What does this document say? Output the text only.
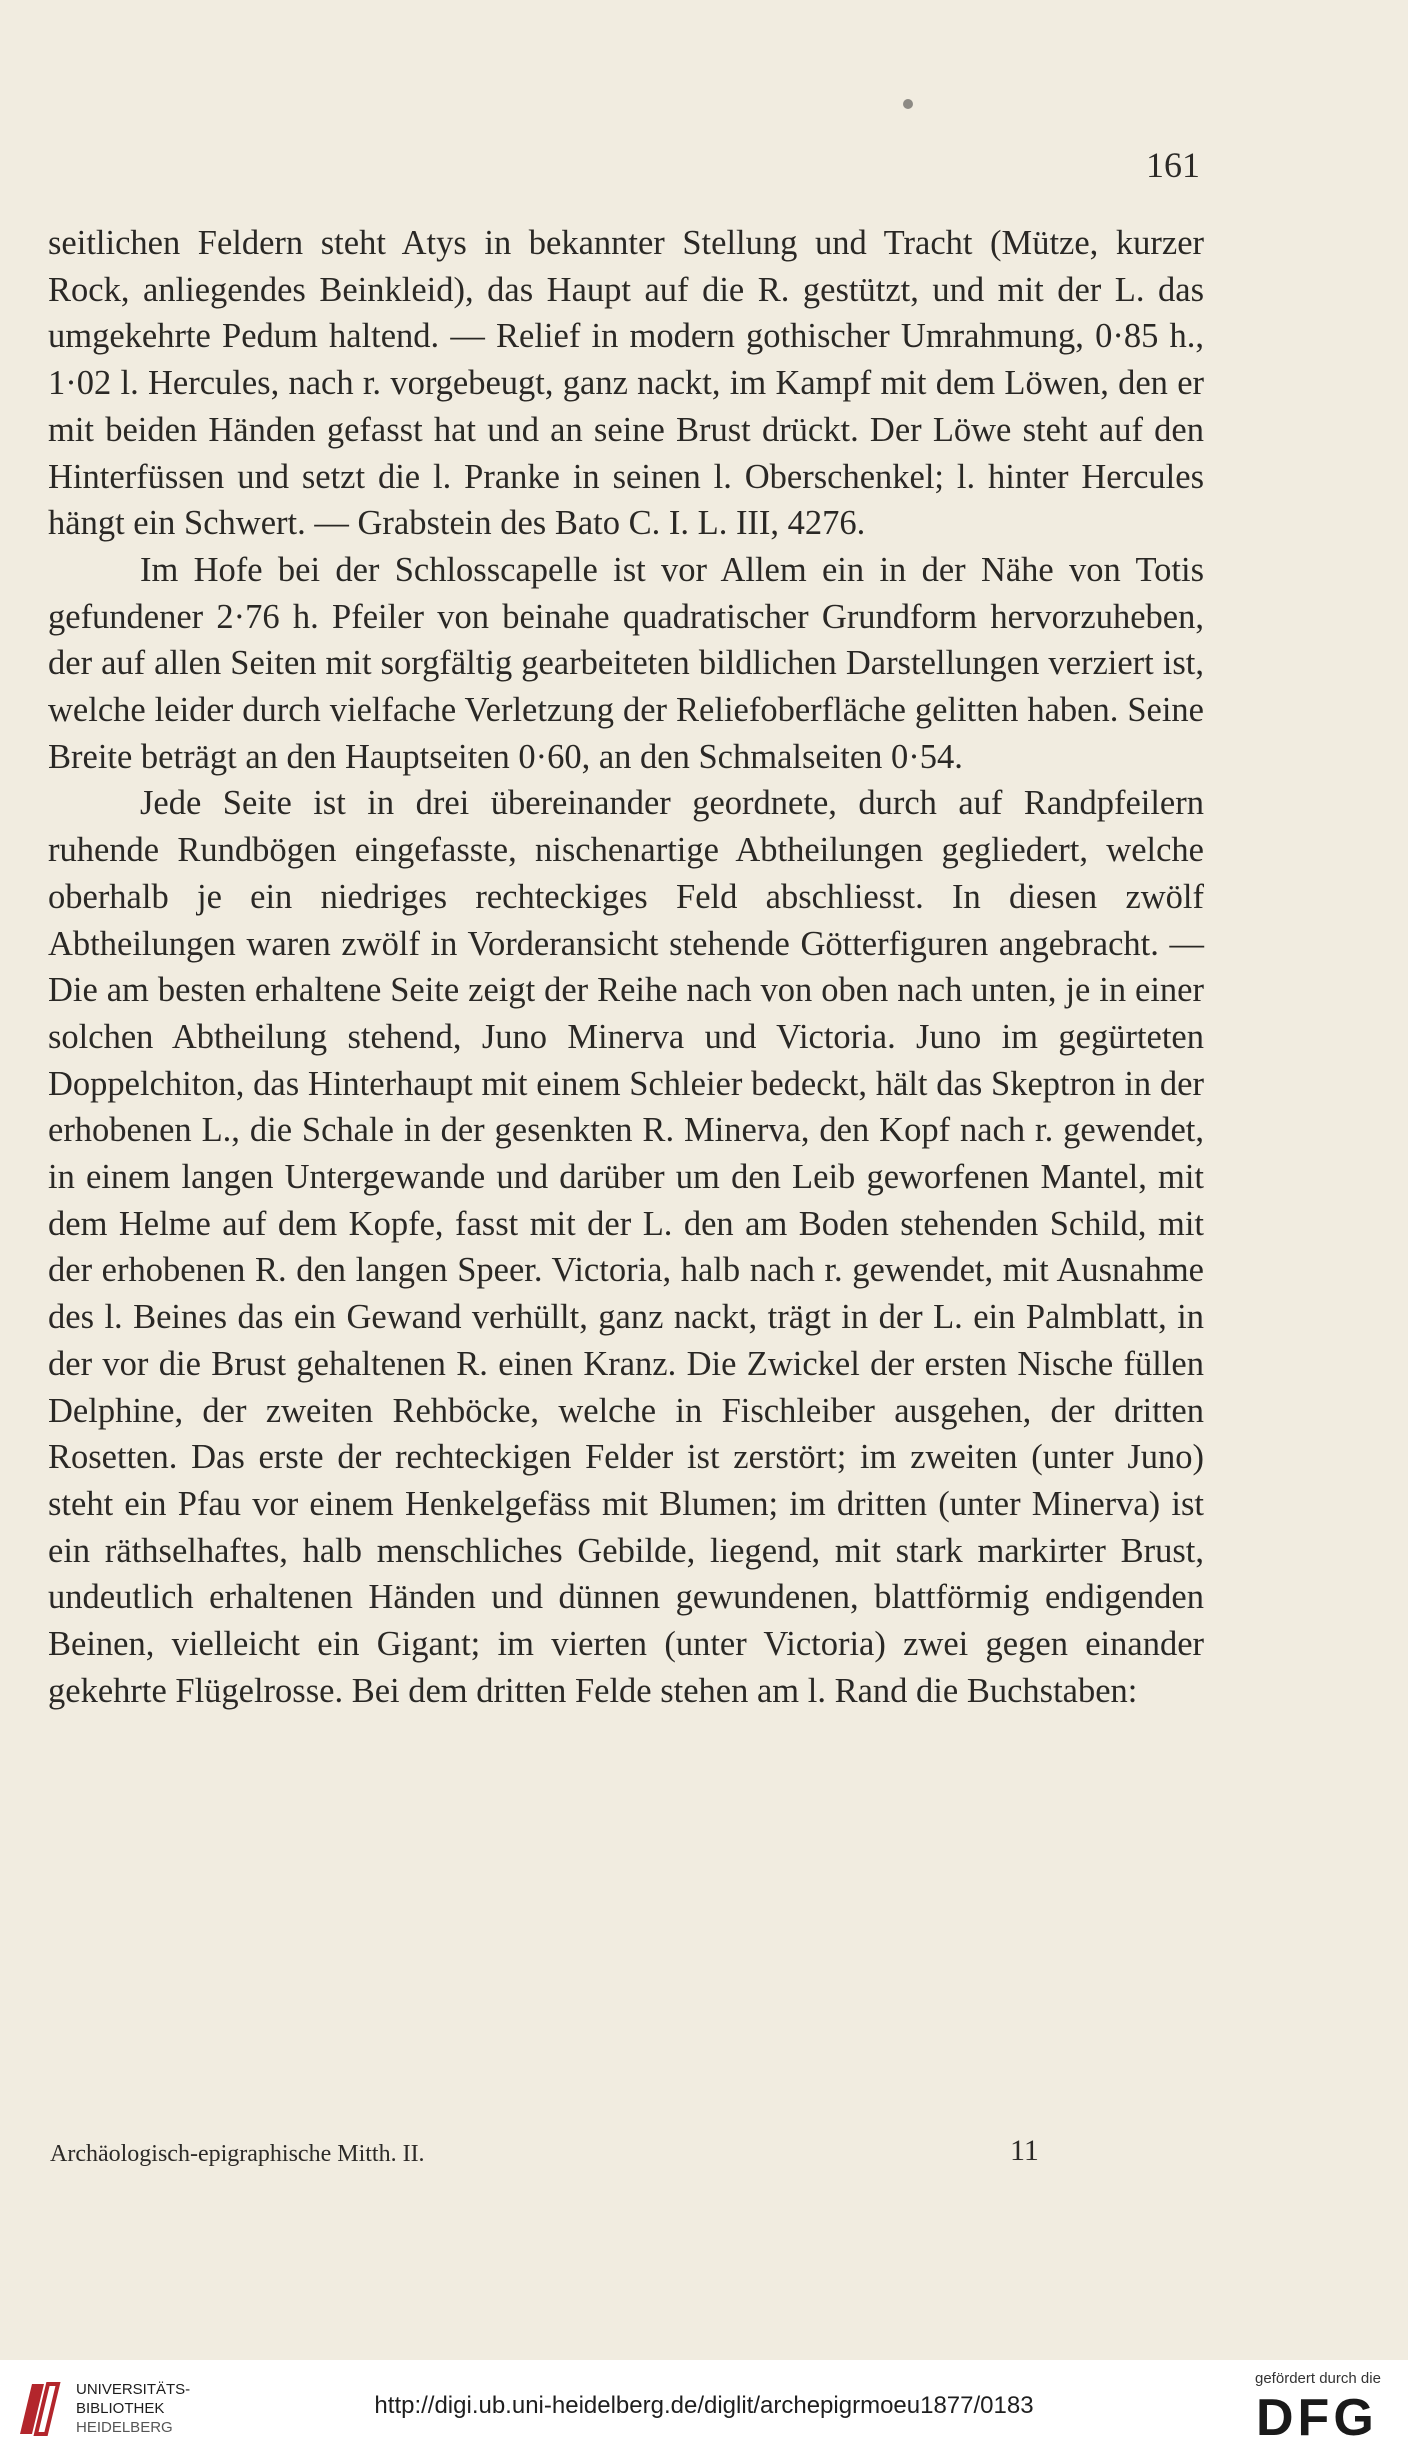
161

seitlichen Feldern steht Atys in bekannter Stellung und Tracht (Mütze, kurzer Rock, anliegendes Beinkleid), das Haupt auf die R. gestützt, und mit der L. das umgekehrte Pedum haltend. — Relief in modern gothischer Umrahmung, 0·85 h., 1·02 l. Hercules, nach r. vorgebeugt, ganz nackt, im Kampf mit dem Löwen, den er mit beiden Händen gefasst hat und an seine Brust drückt. Der Löwe steht auf den Hinterfüssen und setzt die l. Pranke in seinen l. Oberschenkel; l. hinter Hercules hängt ein Schwert. — Grabstein des Bato C. I. L. III, 4276.

Im Hofe bei der Schlosscapelle ist vor Allem ein in der Nähe von Totis gefundener 2·76 h. Pfeiler von beinahe quadratischer Grundform hervorzuheben, der auf allen Seiten mit sorgfältig gearbeiteten bildlichen Darstellungen verziert ist, welche leider durch vielfache Verletzung der Reliefoberfläche gelitten haben. Seine Breite beträgt an den Hauptseiten 0·60, an den Schmalseiten 0·54.

Jede Seite ist in drei übereinander geordnete, durch auf Randpfeilern ruhende Rundbögen eingefasste, nischenartige Abtheilungen gegliedert, welche oberhalb je ein niedriges rechteckiges Feld abschliesst. In diesen zwölf Abtheilungen waren zwölf in Vorderansicht stehende Götterfiguren angebracht. — Die am besten erhaltene Seite zeigt der Reihe nach von oben nach unten, je in einer solchen Abtheilung stehend, Juno Minerva und Victoria. Juno im gegürteten Doppelchiton, das Hinterhaupt mit einem Schleier bedeckt, hält das Skeptron in der erhobenen L., die Schale in der gesenkten R. Minerva, den Kopf nach r. gewendet, in einem langen Untergewande und darüber um den Leib geworfenen Mantel, mit dem Helme auf dem Kopfe, fasst mit der L. den am Boden stehenden Schild, mit der erhobenen R. den langen Speer. Victoria, halb nach r. gewendet, mit Ausnahme des l. Beines das ein Gewand verhüllt, ganz nackt, trägt in der L. ein Palmblatt, in der vor die Brust gehaltenen R. einen Kranz. Die Zwickel der ersten Nische füllen Delphine, der zweiten Rehböcke, welche in Fischleiber ausgehen, der dritten Rosetten. Das erste der rechteckigen Felder ist zerstört; im zweiten (unter Juno) steht ein Pfau vor einem Henkelgefäss mit Blumen; im dritten (unter Minerva) ist ein räthselhaftes, halb menschliches Gebilde, liegend, mit stark markirter Brust, undeutlich erhaltenen Händen und dünnen gewundenen, blattförmig endigenden Beinen, vielleicht ein Gigant; im vierten (unter Victoria) zwei gegen einander gekehrte Flügelrosse. Bei dem dritten Felde stehen am l. Rand die Buchstaben:

Archäologisch-epigraphische Mitth. II.	11
UNIVERSITÄTS-
BIBLIOTHEK
HEIDELBERG
http://digi.ub.uni-heidelberg.de/diglit/archepigrmoeu1877/0183
gefördert durch die
DFG
